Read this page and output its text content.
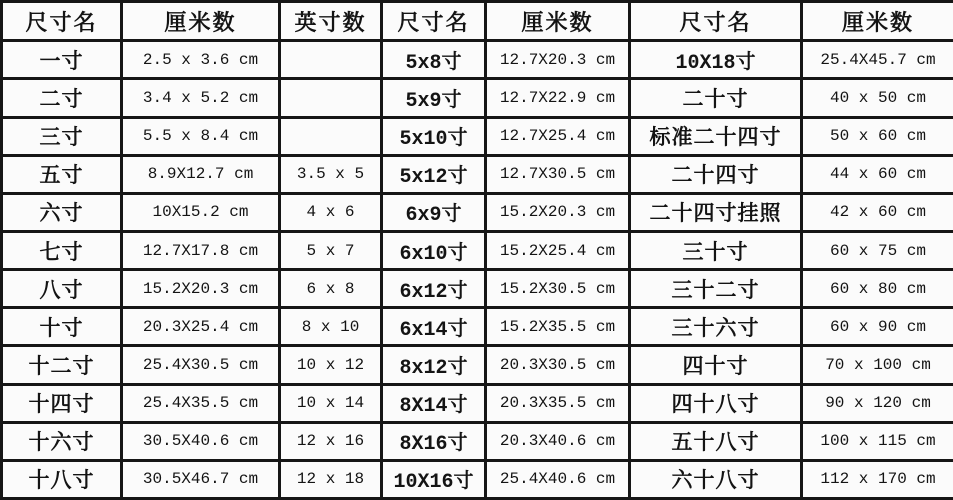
尺寸名	厘米数	英寸数	尺寸名	厘米数	尺寸名	厘米数
一寸	2.5 x 3.6 cm		5x8寸	12.7X20.3 cm	10X18寸	25.4X45.7 cm
二寸	3.4 x 5.2 cm		5x9寸	12.7X22.9 cm	二十寸	40 x 50 cm
三寸	5.5 x 8.4 cm		5x10寸	12.7X25.4 cm	标准二十四寸	50 x 60 cm
五寸	8.9X12.7 cm	3.5 x 5	5x12寸	12.7X30.5 cm	二十四寸	44 x 60 cm
六寸	10X15.2 cm	4 x 6	6x9寸	15.2X20.3 cm	二十四寸挂照	42 x 60 cm
七寸	12.7X17.8 cm	5 x 7	6x10寸	15.2X25.4 cm	三十寸	60 x 75 cm
八寸	15.2X20.3 cm	6 x 8	6x12寸	15.2X30.5 cm	三十二寸	60 x 80 cm
十寸	20.3X25.4 cm	8 x 10	6x14寸	15.2X35.5 cm	三十六寸	60 x 90 cm
十二寸	25.4X30.5 cm	10 x 12	8x12寸	20.3X30.5 cm	四十寸	70 x 100 cm
十四寸	25.4X35.5 cm	10 x 14	8X14寸	20.3X35.5 cm	四十八寸	90 x 120 cm
十六寸	30.5X40.6 cm	12 x 16	8X16寸	20.3X40.6 cm	五十八寸	100 x 115 cm
十八寸	30.5X46.7 cm	12 x 18	10X16寸	25.4X40.6 cm	六十八寸	112 x 170 cm
